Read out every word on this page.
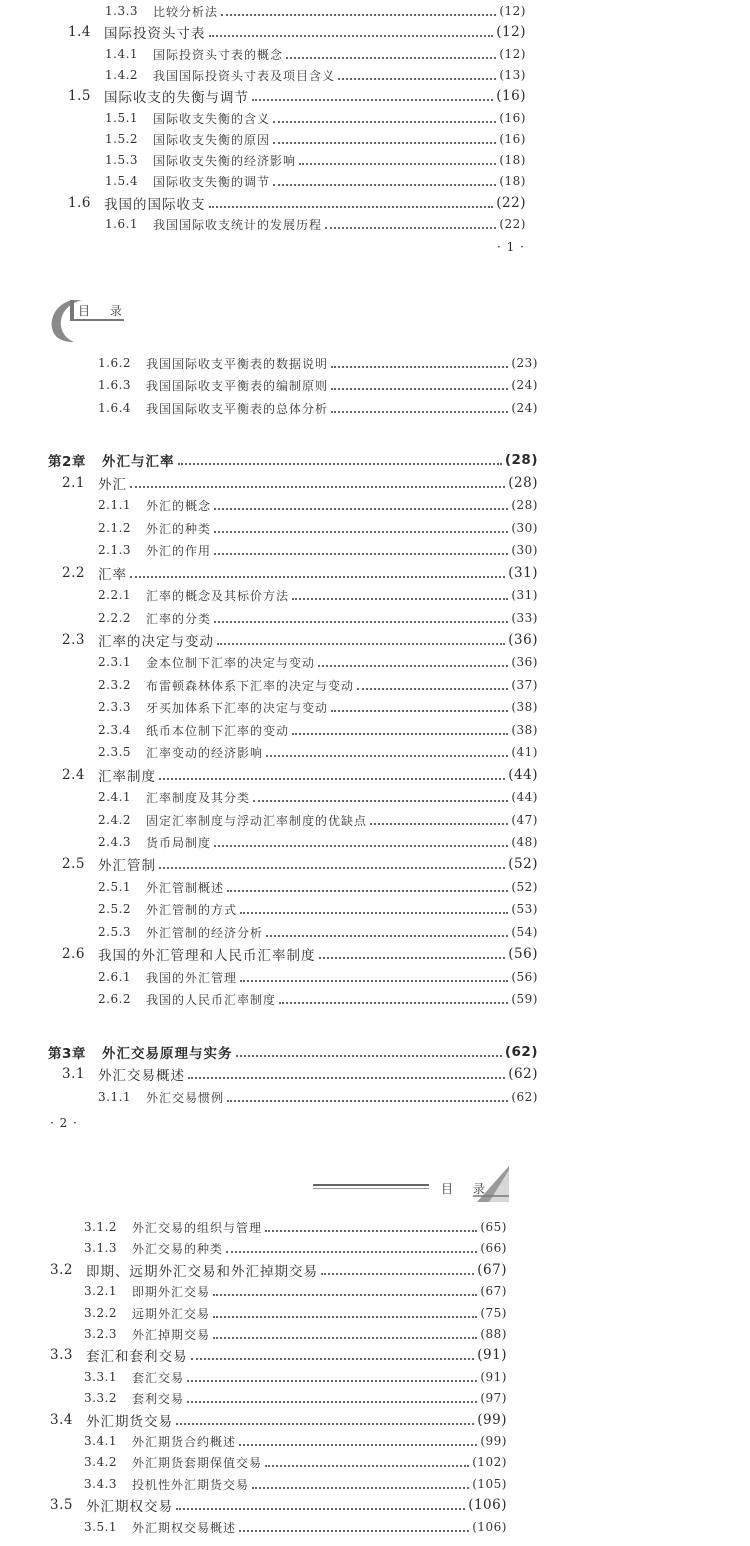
1.3.3 比较分析法	(12)
1.4 国际投资头寸表	(12)
1.4.1 国际投资头寸表的概念	(12)
1.4.2 我国国际投资头寸表及项目含义	(13)
1.5 国际收支的失衡与调节	(16)
1.5.1 国际收支失衡的含义	(16)
1.5.2 国际收支失衡的原因	(16)
1.5.3 国际收支失衡的经济影响	(18)
1.5.4 国际收支失衡的调节	(18)
1.6 我国的国际收支	(22)
1.6.1 我国国际收支统计的发展历程	(22)
· 1 ·
目 录
1.6.2 我国国际收支平衡表的数据说明	(23)
1.6.3 我国国际收支平衡表的编制原则	(24)
1.6.4 我国国际收支平衡表的总体分析	(24)
第2章	外汇与汇率	(28)
2.1 外汇	(28)
2.1.1 外汇的概念	(28)
2.1.2 外汇的种类	(30)
2.1.3 外汇的作用	(30)
2.2 汇率	(31)
2.2.1 汇率的概念及其标价方法	(31)
2.2.2 汇率的分类	(33)
2.3 汇率的决定与变动	(36)
2.3.1 金本位制下汇率的决定与变动	(36)
2.3.2 布雷顿森林体系下汇率的决定与变动	(37)
2.3.3 牙买加体系下汇率的决定与变动	(38)
2.3.4 纸币本位制下汇率的变动	(38)
2.3.5 汇率变动的经济影响	(41)
2.4 汇率制度	(44)
2.4.1 汇率制度及其分类	(44)
2.4.2 固定汇率制度与浮动汇率制度的优缺点	(47)
2.4.3 货币局制度	(48)
2.5 外汇管制	(52)
2.5.1 外汇管制概述	(52)
2.5.2 外汇管制的方式	(53)
2.5.3 外汇管制的经济分析	(54)
2.6 我国的外汇管理和人民币汇率制度	(56)
2.6.1 我国的外汇管理	(56)
2.6.2 我国的人民币汇率制度	(59)
第3章	外汇交易原理与实务	(62)
3.1 外汇交易概述	(62)
3.1.1 外汇交易惯例	(62)
· 2 ·
目 录
3.1.2 外汇交易的组织与管理	(65)
3.1.3 外汇交易的种类	(66)
3.2 即期、远期外汇交易和外汇掉期交易	(67)
3.2.1 即期外汇交易	(67)
3.2.2 远期外汇交易	(75)
3.2.3 外汇掉期交易	(88)
3.3 套汇和套利交易	(91)
3.3.1 套汇交易	(91)
3.3.2 套利交易	(97)
3.4 外汇期货交易	(99)
3.4.1 外汇期货合约概述	(99)
3.4.2 外汇期货套期保值交易	(102)
3.4.3 投机性外汇期货交易	(105)
3.5 外汇期权交易	(106)
3.5.1 外汇期权交易概述	(106)
